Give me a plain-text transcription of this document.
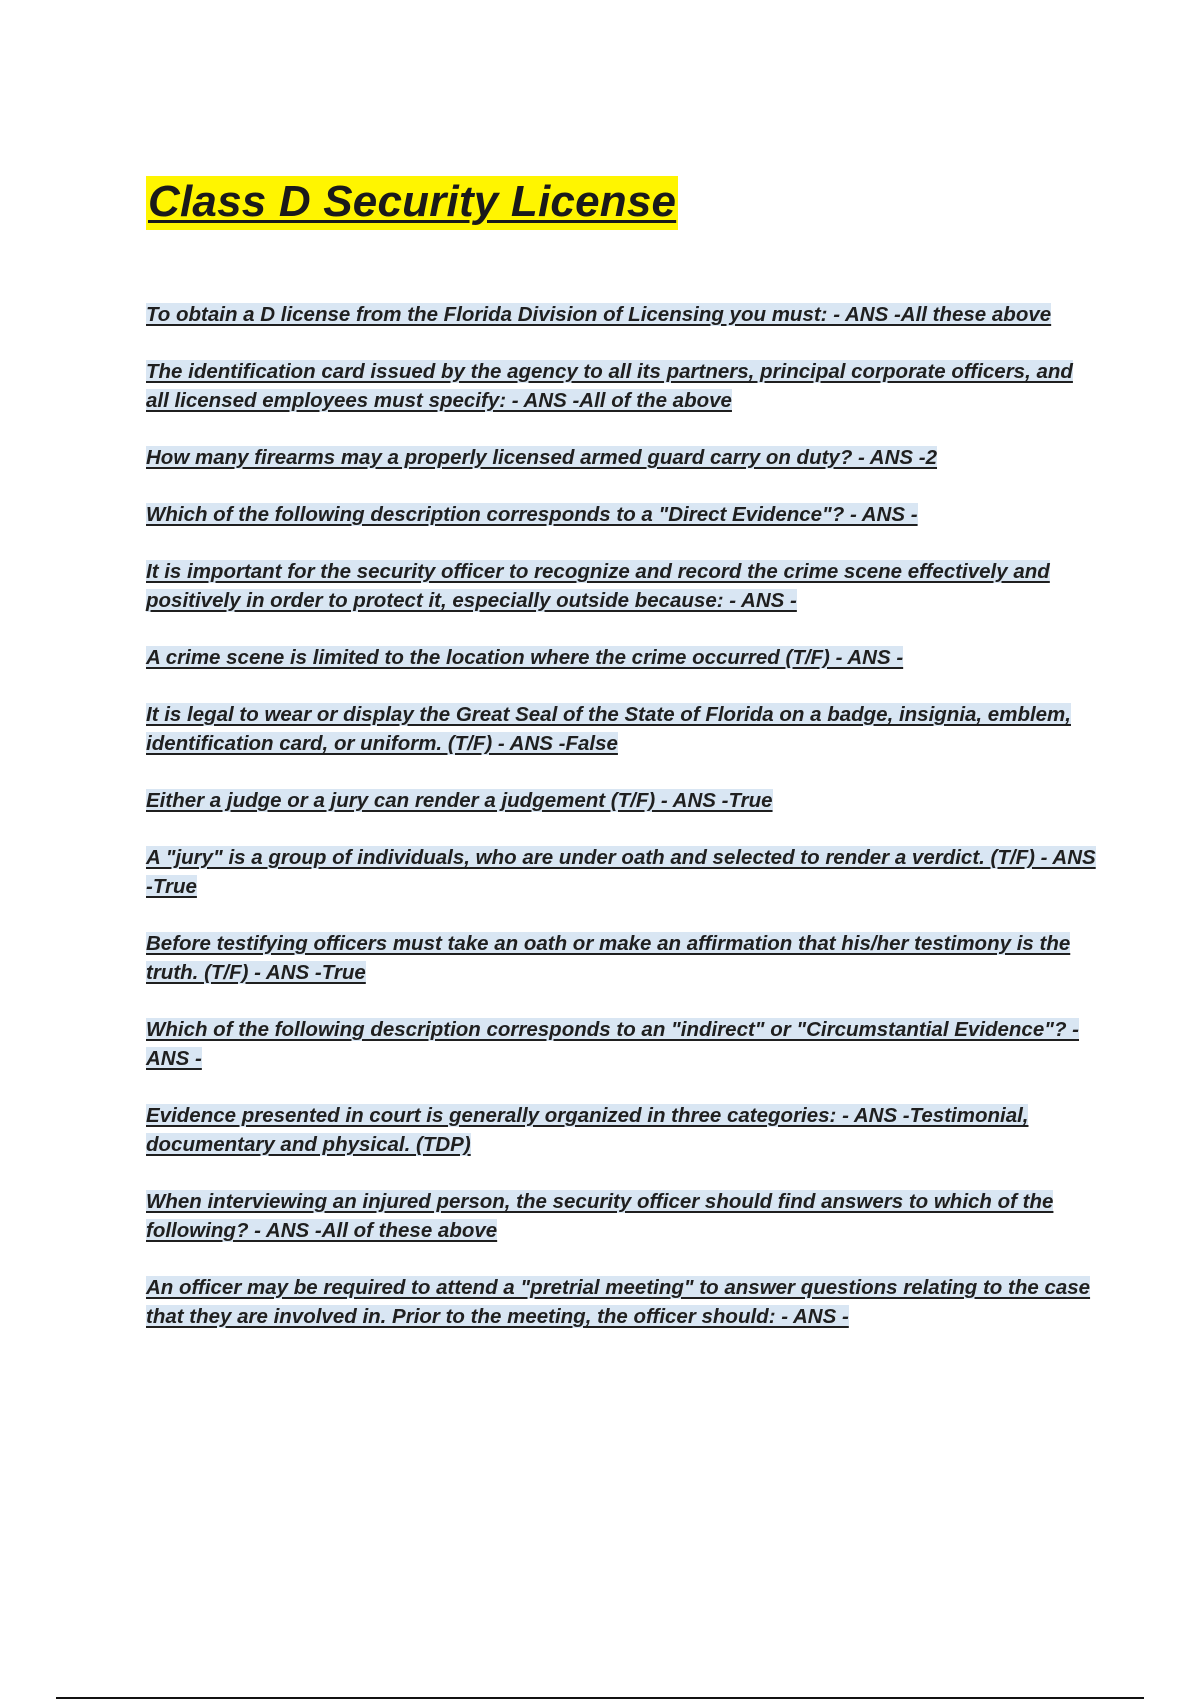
Class D Security License
To obtain a D license from the Florida Division of Licensing you must: - ANS -All these above
The identification card issued by the agency to all its partners, principal corporate officers, and all licensed employees must specify: - ANS -All of the above
How many firearms may a properly licensed armed guard carry on duty? - ANS -2
Which of the following description corresponds to a "Direct Evidence"? - ANS -
It is important for the security officer to recognize and record the crime scene effectively and positively in order to protect it, especially outside because: - ANS -
A crime scene is limited to the location where the crime occurred (T/F) - ANS -
It is legal to wear or display the Great Seal of the State of Florida on a badge, insignia, emblem, identification card, or uniform. (T/F) - ANS -False
Either a judge or a jury can render a judgement (T/F) - ANS -True
A "jury" is a group of individuals, who are under oath and selected to render a verdict. (T/F) - ANS -True
Before testifying officers must take an oath or make an affirmation that his/her testimony is the truth. (T/F) - ANS -True
Which of the following description corresponds to an "indirect" or "Circumstantial Evidence"? - ANS -
Evidence presented in court is generally organized in three categories: - ANS -Testimonial, documentary and physical. (TDP)
When interviewing an injured person, the security officer should find answers to which of the following? - ANS -All of these above
An officer may be required to attend a "pretrial meeting" to answer questions relating to the case that they are involved in. Prior to the meeting, the officer should: - ANS -
